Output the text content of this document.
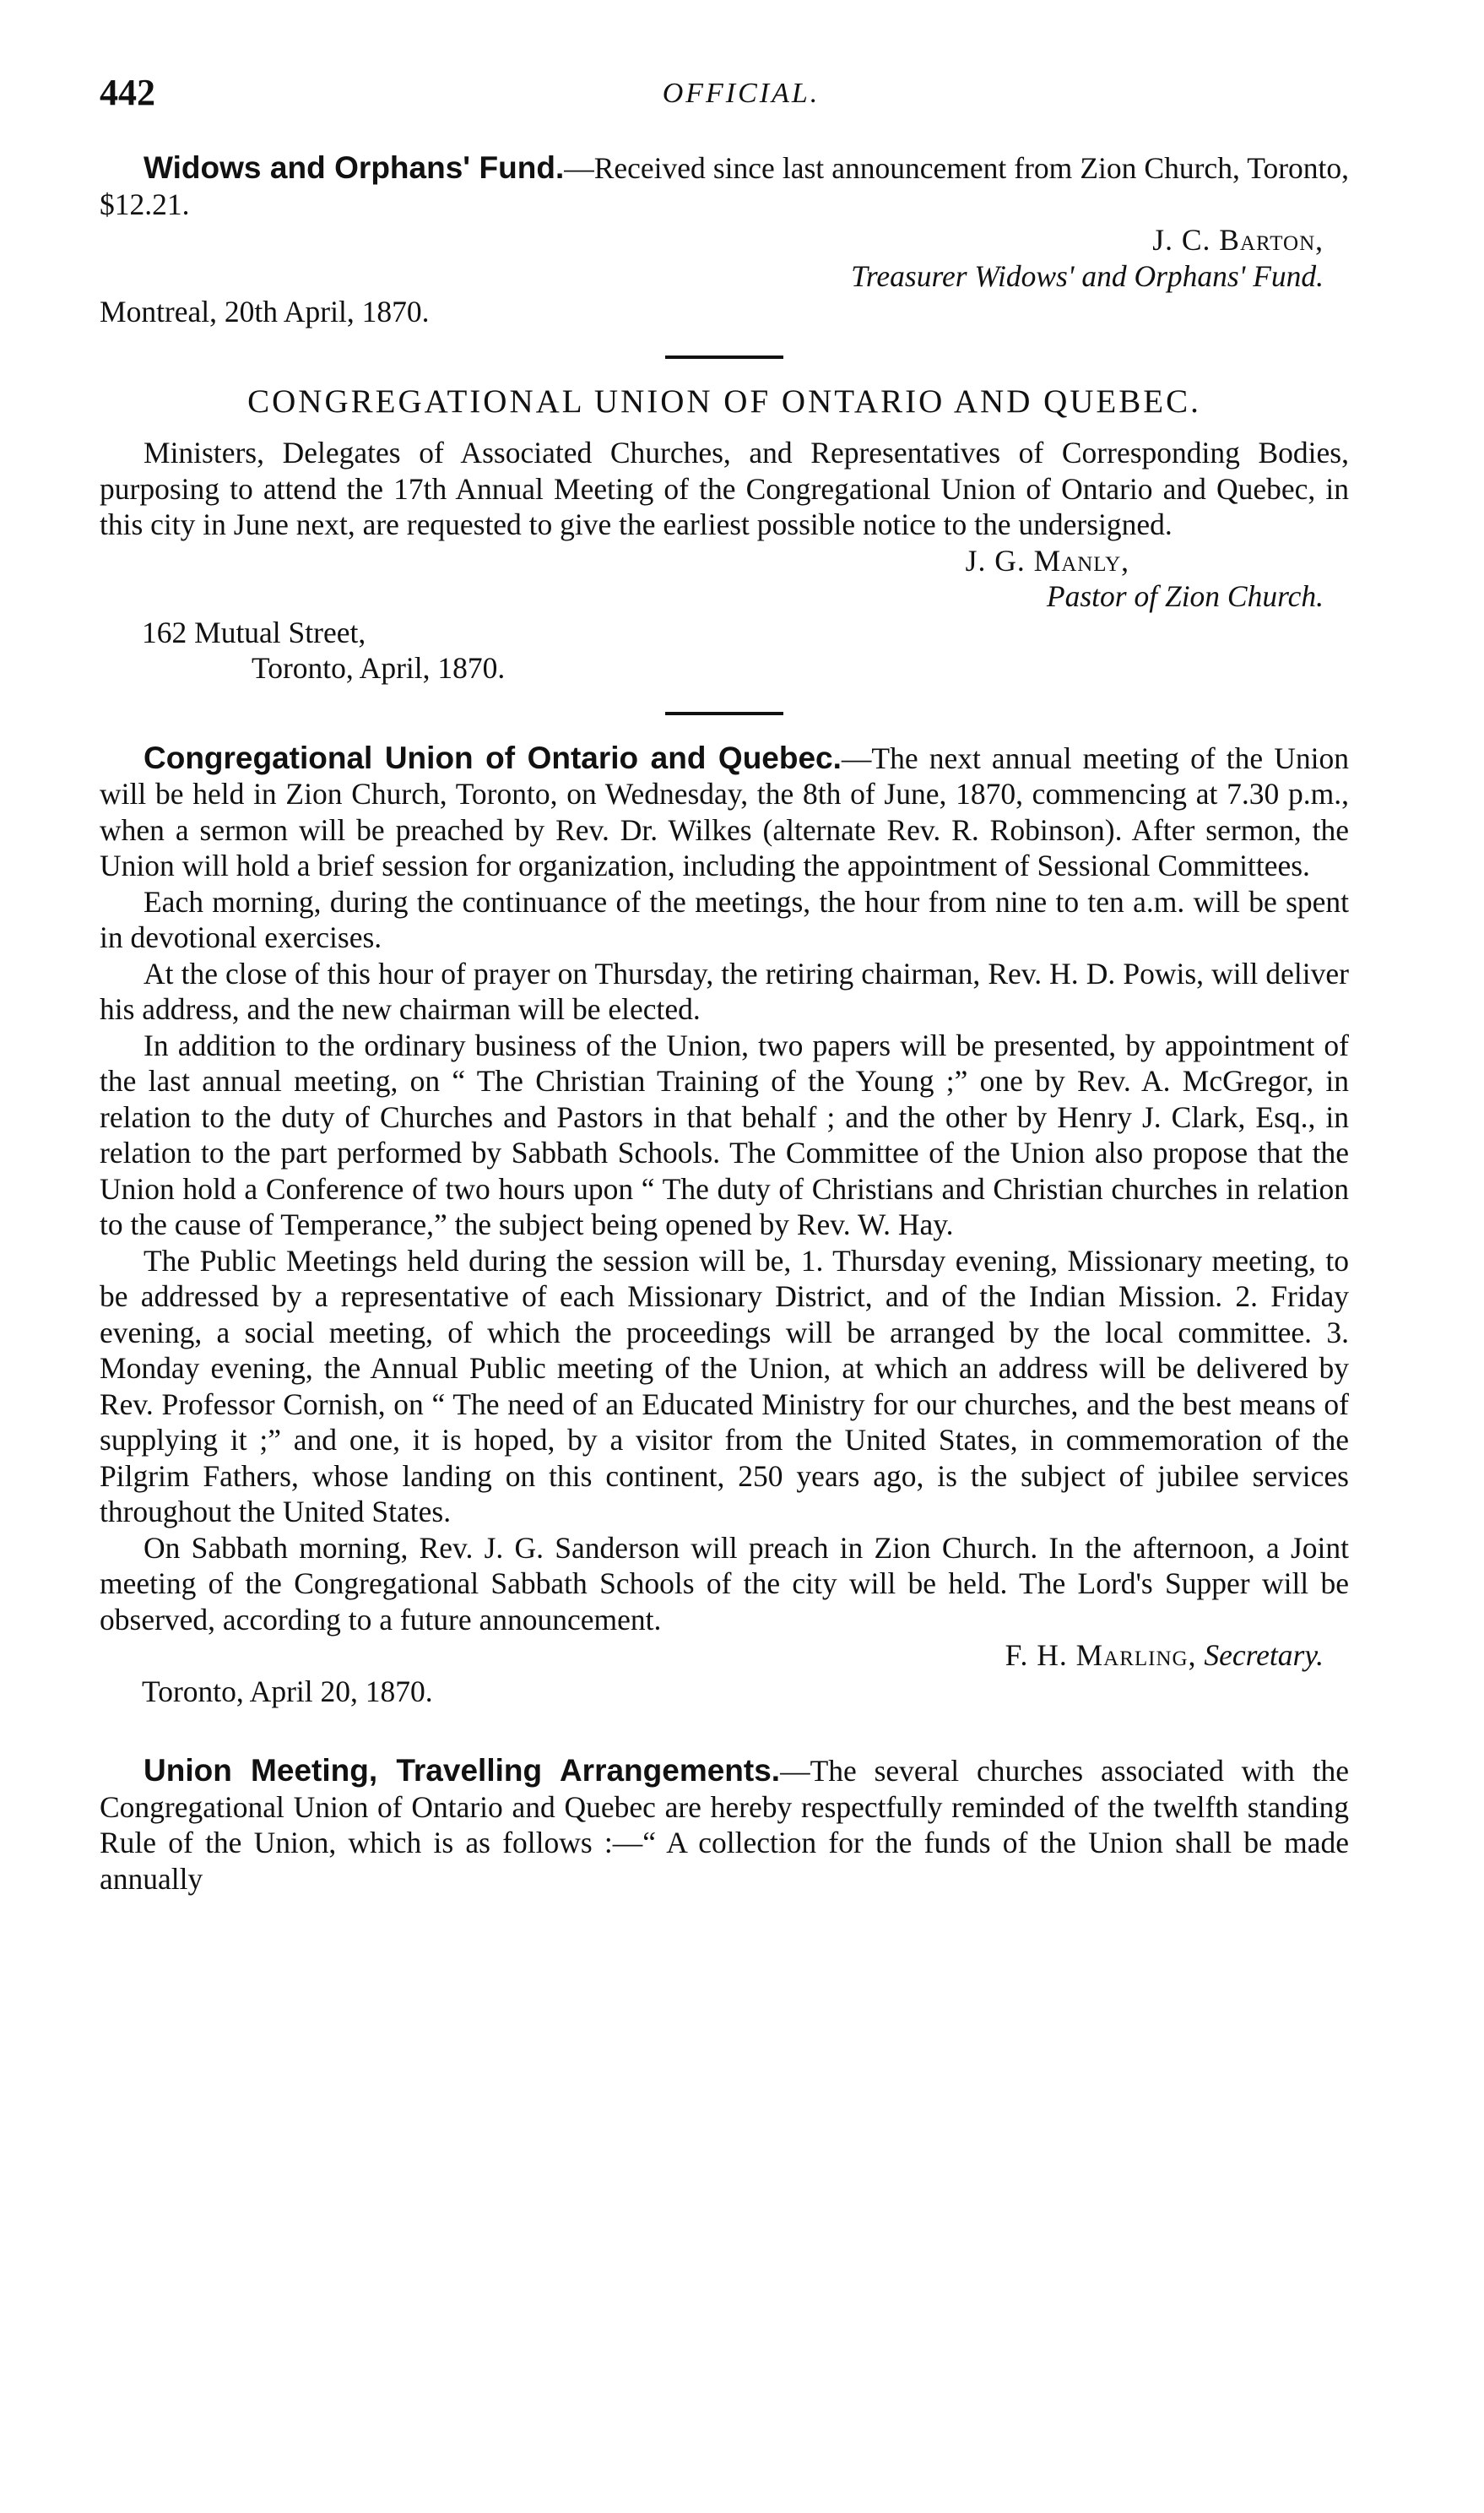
442	OFFICIAL.

Widows and Orphans' Fund.—Received since last announcement from Zion Church, Toronto, $12.21.

J. C. Barton,

Treasurer Widows' and Orphans' Fund.

Montreal, 20th April, 1870.

CONGREGATIONAL UNION OF ONTARIO AND QUEBEC.

Ministers, Delegates of Associated Churches, and Representatives of Corresponding Bodies, purposing to attend the 17th Annual Meeting of the Congregational Union of Ontario and Quebec, in this city in June next, are requested to give the earliest possible notice to the undersigned.

J. G. Manly,

Pastor of Zion Church.

162 Mutual Street,

Toronto, April, 1870.

Congregational Union of Ontario and Quebec.—The next annual meeting of the Union will be held in Zion Church, Toronto, on Wednesday, the 8th of June, 1870, commencing at 7.30 p.m., when a sermon will be preached by Rev. Dr. Wilkes (alternate Rev. R. Robinson). After sermon, the Union will hold a brief session for organization, including the appointment of Sessional Committees.

Each morning, during the continuance of the meetings, the hour from nine to ten a.m. will be spent in devotional exercises.

At the close of this hour of prayer on Thursday, the retiring chairman, Rev. H. D. Powis, will deliver his address, and the new chairman will be elected.

In addition to the ordinary business of the Union, two papers will be presented, by appointment of the last annual meeting, on “ The Christian Training of the Young ;” one by Rev. A. McGregor, in relation to the duty of Churches and Pastors in that behalf ; and the other by Henry J. Clark, Esq., in relation to the part performed by Sabbath Schools. The Committee of the Union also propose that the Union hold a Conference of two hours upon “ The duty of Christians and Christian churches in relation to the cause of Temperance,” the subject being opened by Rev. W. Hay.

The Public Meetings held during the session will be, 1. Thursday evening, Missionary meeting, to be addressed by a representative of each Missionary District, and of the Indian Mission. 2. Friday evening, a social meeting, of which the proceedings will be arranged by the local committee. 3. Monday evening, the Annual Public meeting of the Union, at which an address will be delivered by Rev. Professor Cornish, on “ The need of an Educated Ministry for our churches, and the best means of supplying it ;” and one, it is hoped, by a visitor from the United States, in commemoration of the Pilgrim Fathers, whose landing on this continent, 250 years ago, is the subject of jubilee services throughout the United States.

On Sabbath morning, Rev. J. G. Sanderson will preach in Zion Church. In the afternoon, a Joint meeting of the Congregational Sabbath Schools of the city will be held. The Lord's Supper will be observed, according to a future announcement.

F. H. Marling, Secretary.

Toronto, April 20, 1870.

Union Meeting, Travelling Arrangements.—The several churches associated with the Congregational Union of Ontario and Quebec are hereby respectfully reminded of the twelfth standing Rule of the Union, which is as follows :—“ A collection for the funds of the Union shall be made annually
